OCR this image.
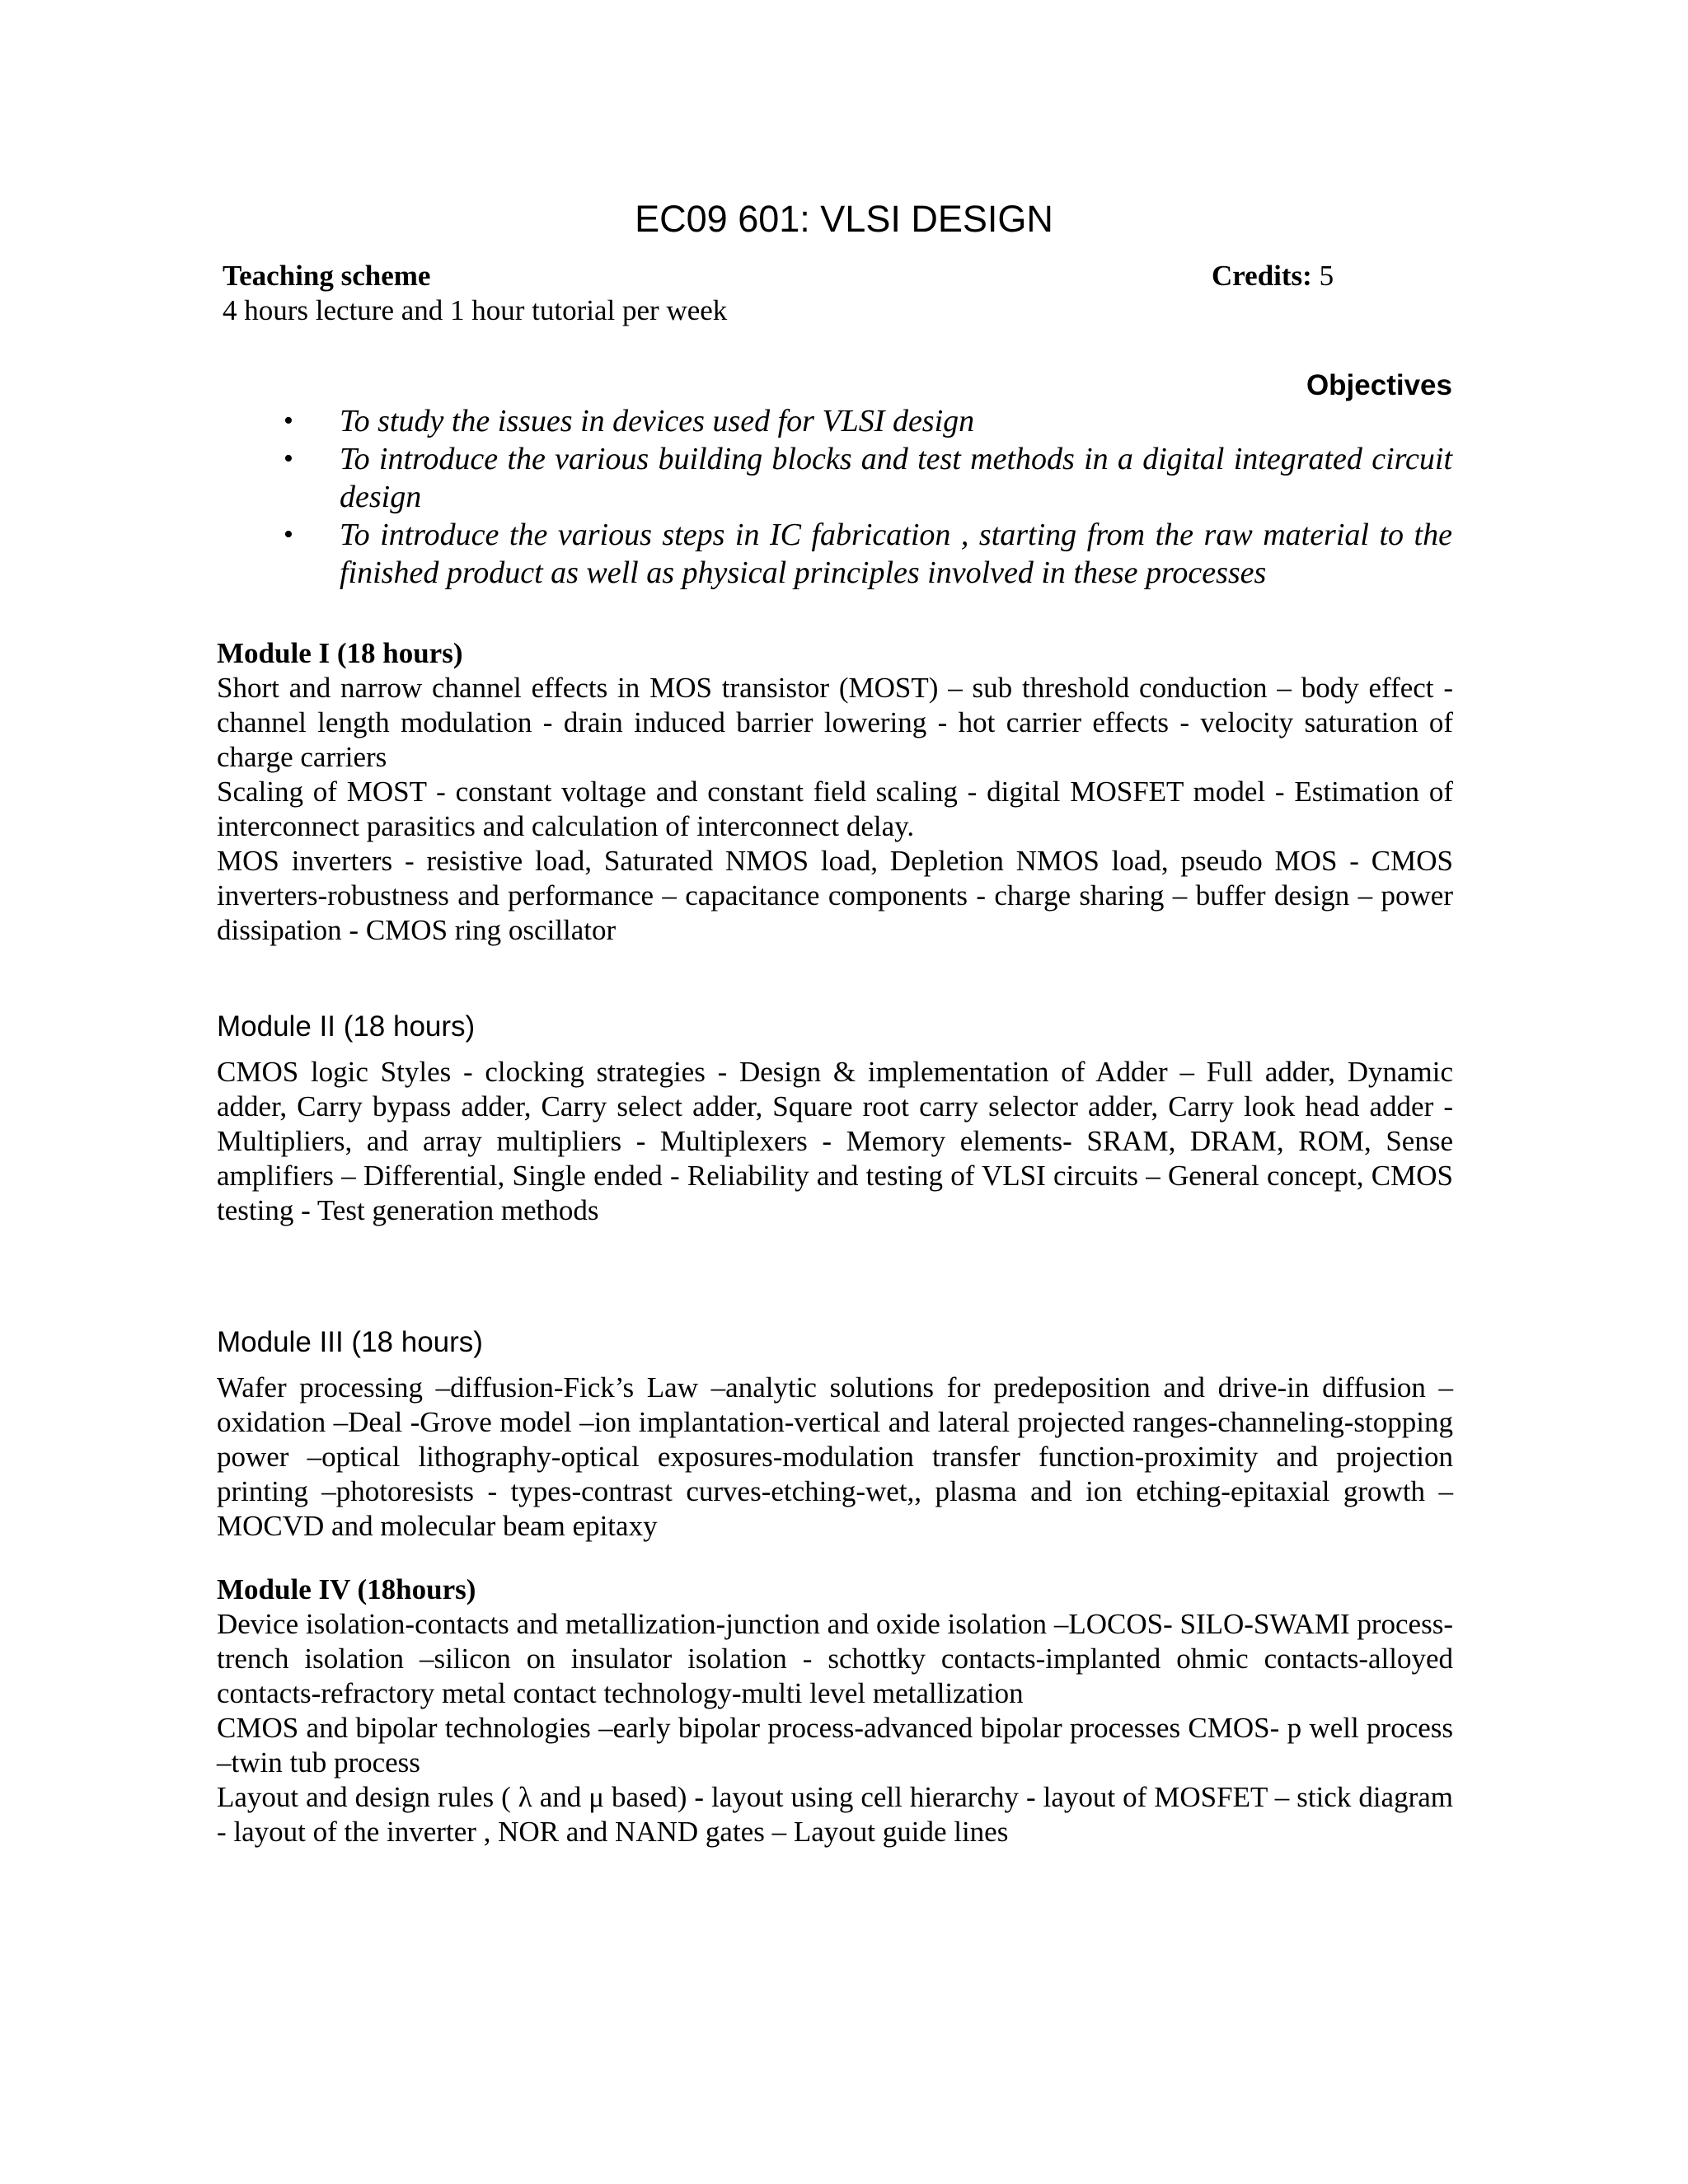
EC09 601: VLSI DESIGN
Teaching scheme	Credits: 5
4 hours lecture and 1 hour tutorial per week
Objectives
• To study the issues in devices used for VLSI design
• To introduce the various building blocks and test methods in a digital integrated circuit design
• To introduce the various steps in IC fabrication , starting from the raw material to the finished product as well as physical principles involved in these processes
Module I (18 hours)

Short and narrow channel effects in MOS transistor (MOST) – sub threshold conduction – body effect - channel length modulation - drain induced barrier lowering - hot carrier effects - velocity saturation of charge carriers

Scaling of MOST - constant voltage and constant field scaling - digital MOSFET model - Estimation of interconnect parasitics and calculation of interconnect delay.

MOS inverters - resistive load, Saturated NMOS load, Depletion NMOS load, pseudo MOS - CMOS inverters-robustness and performance – capacitance components - charge sharing – buffer design – power dissipation - CMOS ring oscillator

Module II (18 hours)

CMOS logic Styles - clocking strategies - Design & implementation of Adder – Full adder, Dynamic adder, Carry bypass adder, Carry select adder, Square root carry selector adder, Carry look head adder - Multipliers, and array multipliers - Multiplexers - Memory elements- SRAM, DRAM, ROM, Sense amplifiers – Differential, Single ended - Reliability and testing of VLSI circuits – General concept, CMOS testing - Test generation methods

Module III (18 hours)

Wafer processing –diffusion-Fick’s Law –analytic solutions for predeposition and drive-in diffusion – oxidation –Deal -Grove model –ion implantation-vertical and lateral projected ranges-channeling-stopping power –optical lithography-optical exposures-modulation transfer function-proximity and projection printing –photoresists - types-contrast curves-etching-wet,, plasma and ion etching-epitaxial growth –MOCVD and molecular beam epitaxy

Module IV (18hours)

Device isolation-contacts and metallization-junction and oxide isolation –LOCOS- SILO-SWAMI process-trench isolation –silicon on insulator isolation - schottky contacts-implanted ohmic contacts-alloyed contacts-refractory metal contact technology-multi level metallization

CMOS and bipolar technologies –early bipolar process-advanced bipolar processes CMOS- p well process –twin tub process

Layout and design rules ( λ and μ based) - layout using cell hierarchy - layout of MOSFET – stick diagram - layout of the inverter , NOR and NAND gates – Layout guide lines
